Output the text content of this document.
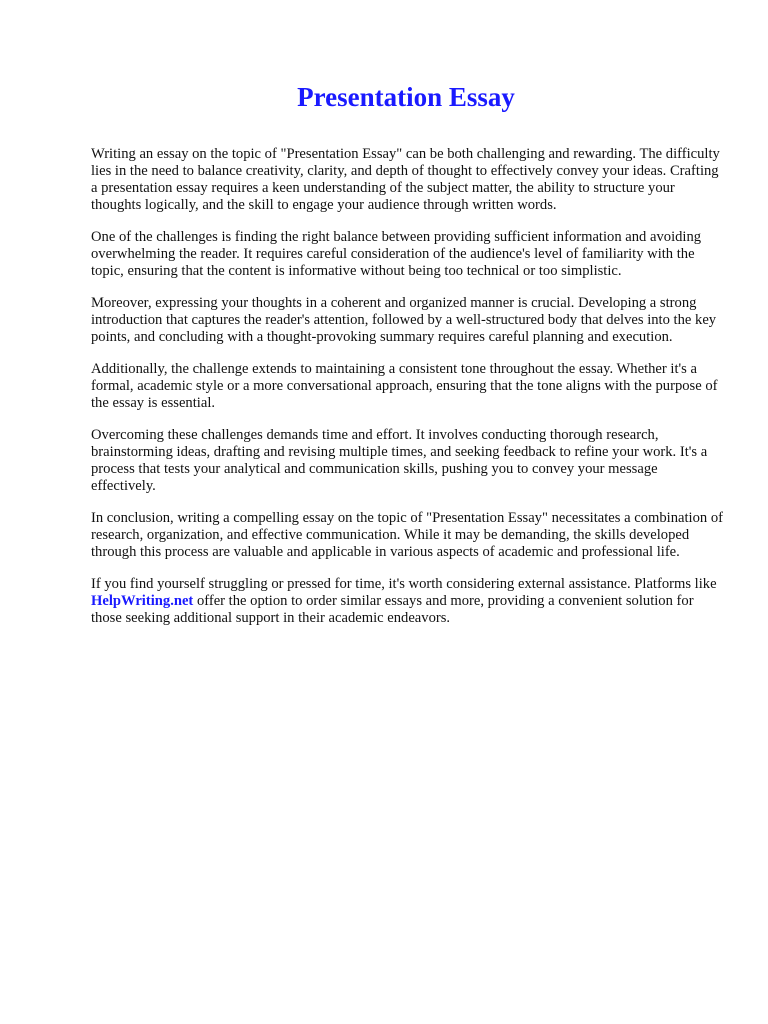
Presentation Essay

Writing an essay on the topic of "Presentation Essay" can be both challenging and rewarding. The difficulty lies in the need to balance creativity, clarity, and depth of thought to effectively convey your ideas. Crafting a presentation essay requires a keen understanding of the subject matter, the ability to structure your thoughts logically, and the skill to engage your audience through written words.

One of the challenges is finding the right balance between providing sufficient information and avoiding overwhelming the reader. It requires careful consideration of the audience's level of familiarity with the topic, ensuring that the content is informative without being too technical or too simplistic.

Moreover, expressing your thoughts in a coherent and organized manner is crucial. Developing a strong introduction that captures the reader's attention, followed by a well-structured body that delves into the key points, and concluding with a thought-provoking summary requires careful planning and execution.

Additionally, the challenge extends to maintaining a consistent tone throughout the essay. Whether it's a formal, academic style or a more conversational approach, ensuring that the tone aligns with the purpose of the essay is essential.

Overcoming these challenges demands time and effort. It involves conducting thorough research, brainstorming ideas, drafting and revising multiple times, and seeking feedback to refine your work. It's a process that tests your analytical and communication skills, pushing you to convey your message effectively.

In conclusion, writing a compelling essay on the topic of "Presentation Essay" necessitates a combination of research, organization, and effective communication. While it may be demanding, the skills developed through this process are valuable and applicable in various aspects of academic and professional life.

If you find yourself struggling or pressed for time, it's worth considering external assistance. Platforms like HelpWriting.net offer the option to order similar essays and more, providing a convenient solution for those seeking additional support in their academic endeavors.
